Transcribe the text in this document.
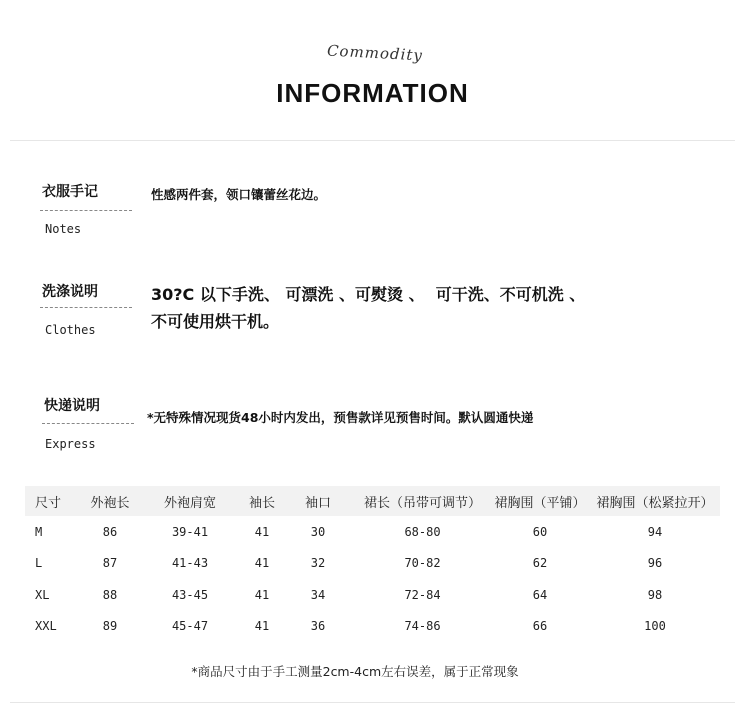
Commodity
INFORMATION
衣服手记
Notes
性感两件套，领口镶蕾丝花边。
洗涤说明
Clothes
30?C 以下手洗、 可漂洗 、可熨烫 、  可干洗、不可机洗 、
不可使用烘干机。
快递说明
Express
*无特殊情况现货48小时内发出，预售款详见预售时间。默认圆通快递
尺寸	外袍长	外袍肩宽	袖长	袖口	裙长（吊带可调节）	裙胸围（平铺）	裙胸围（松紧拉开）
M	86	39-41	41	30	68-80	60	94
L	87	41-43	41	32	70-82	62	96
XL	88	43-45	41	34	72-84	64	98
XXL	89	45-47	41	36	74-86	66	100
*商品尺寸由于手工测量2cm-4cm左右误差，属于正常现象
